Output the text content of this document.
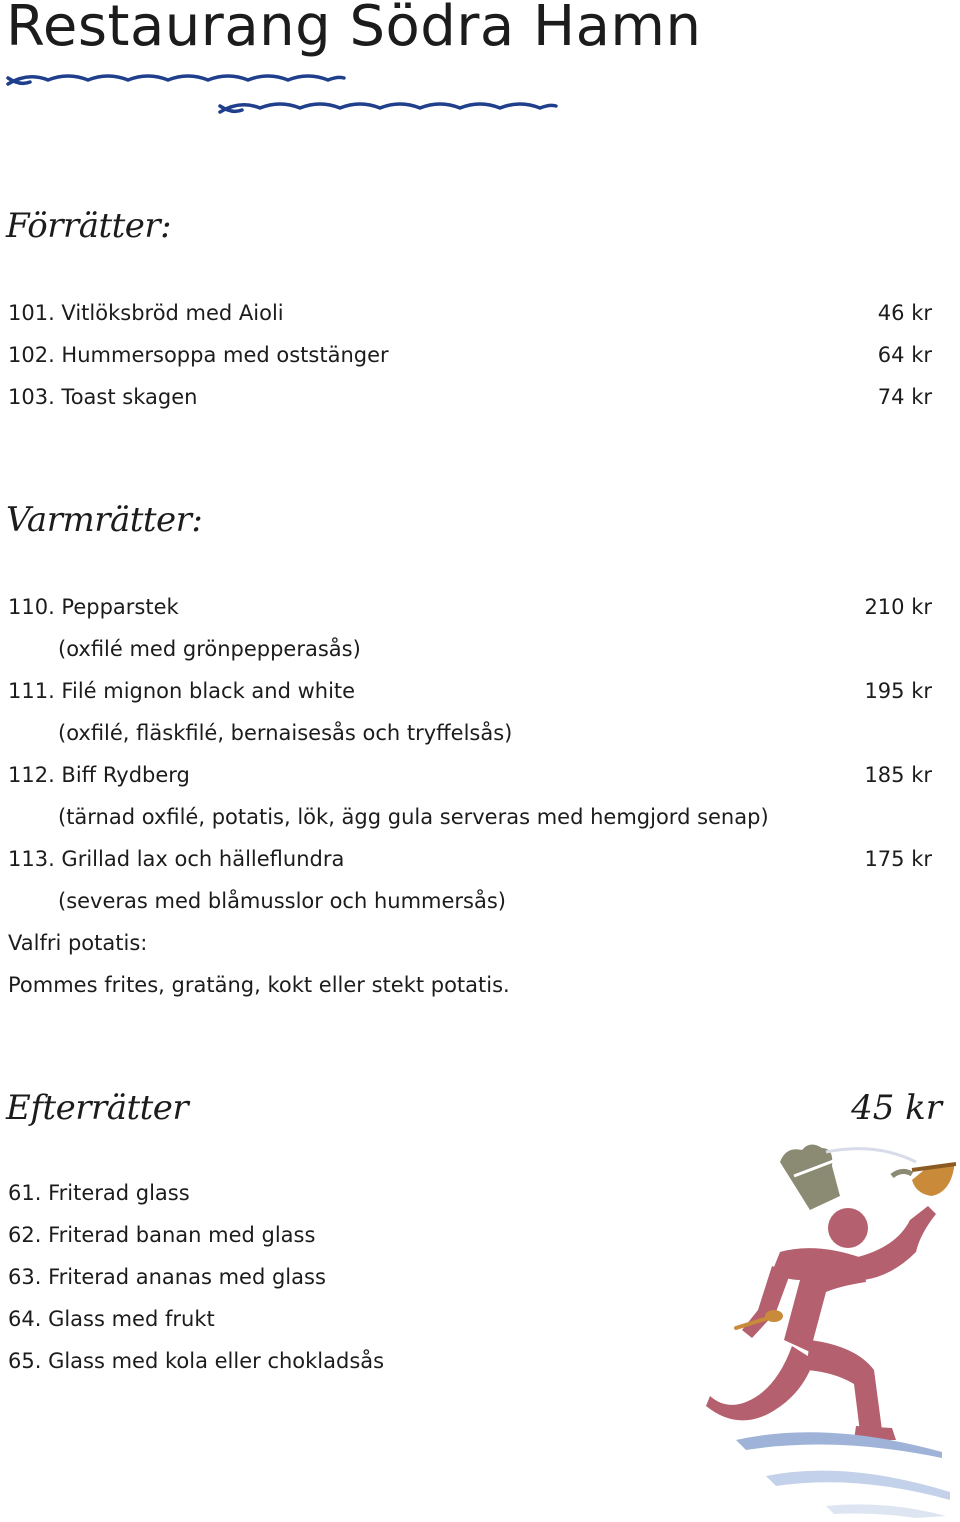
Restaurang Södra Hamn
Förrätter:
101. Vitlöksbröd med Aioli	46 kr
102. Hummersoppa med oststänger	64 kr
103. Toast skagen	74 kr
Varmrätter:
110. Pepparstek	210 kr
(oxfilé med grönpepperasås)
111. Filé mignon black and white	195 kr
(oxfilé, fläskfilé, bernaisesås och tryffelsås)
112. Biff Rydberg	185 kr
(tärnad oxfilé, potatis, lök, ägg gula serveras med hemgjord senap)
113. Grillad lax och hälleflundra	175 kr
(severas med blåmusslor och hummersås)
Valfri potatis:
Pommes frites, gratäng, kokt eller stekt potatis.
Efterrätter	45 kr
61. Friterad glass
62. Friterad banan med glass
63. Friterad ananas med glass
64. Glass med frukt
65. Glass med kola eller chokladsås
